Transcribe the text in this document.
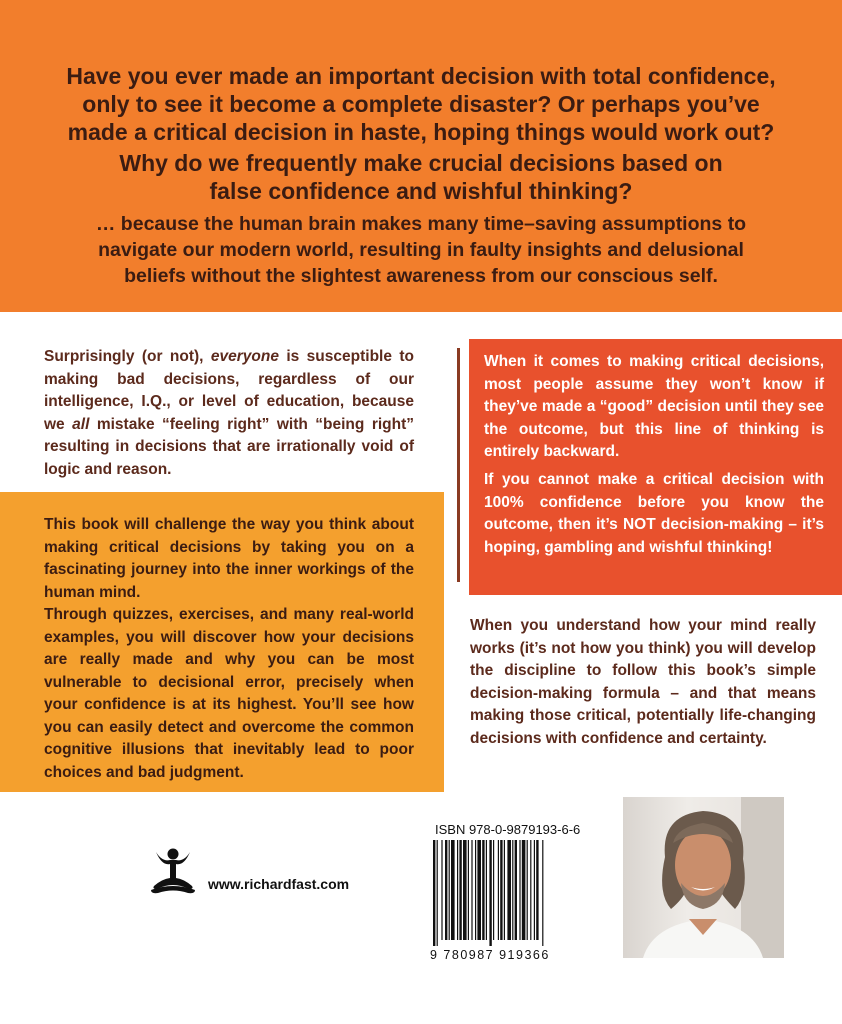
Have you ever made an important decision with total confidence,
only to see it become a complete disaster? Or perhaps you’ve
made a critical decision in haste, hoping things would work out?

Why do we frequently make crucial decisions based on
false confidence and wishful thinking?

… because the human brain makes many time–saving assumptions to
navigate our modern world, resulting in faulty insights and delusional
beliefs without the slightest awareness from our conscious self.

Surprisingly (or not), everyone is susceptible to making bad decisions, regardless of our intelligence, I.Q., or level of education, because we all mistake “feeling right” with “being right” resulting in decisions that are irrationally void of logic and reason.

This book will challenge the way you think about making critical decisions by taking you on a fascinating journey into the inner workings of the human mind.

Through quizzes, exercises, and many real-world examples, you will discover how your decisions are really made and why you can be most vulnerable to decisional error, precisely when your confidence is at its highest. You’ll see how you can easily detect and overcome the common cognitive illusions that inevitably lead to poor choices and bad judgment.

When it comes to making critical decisions, most people assume they won’t know if they’ve made a “good” decision until they see the outcome, but this line of thinking is entirely backward.

If you cannot make a critical decision with 100% confidence before you know the outcome, then it’s NOT decision-making – it’s hoping, gambling and wishful thinking!

When you understand how your mind really works (it’s not how you think) you will develop the discipline to follow this book’s simple decision-making formula – and that means making those critical, potentially life-changing decisions with confidence and certainty.

www.richardfast.com

ISBN 978-0-9879193-6-6

9 780987 919366
